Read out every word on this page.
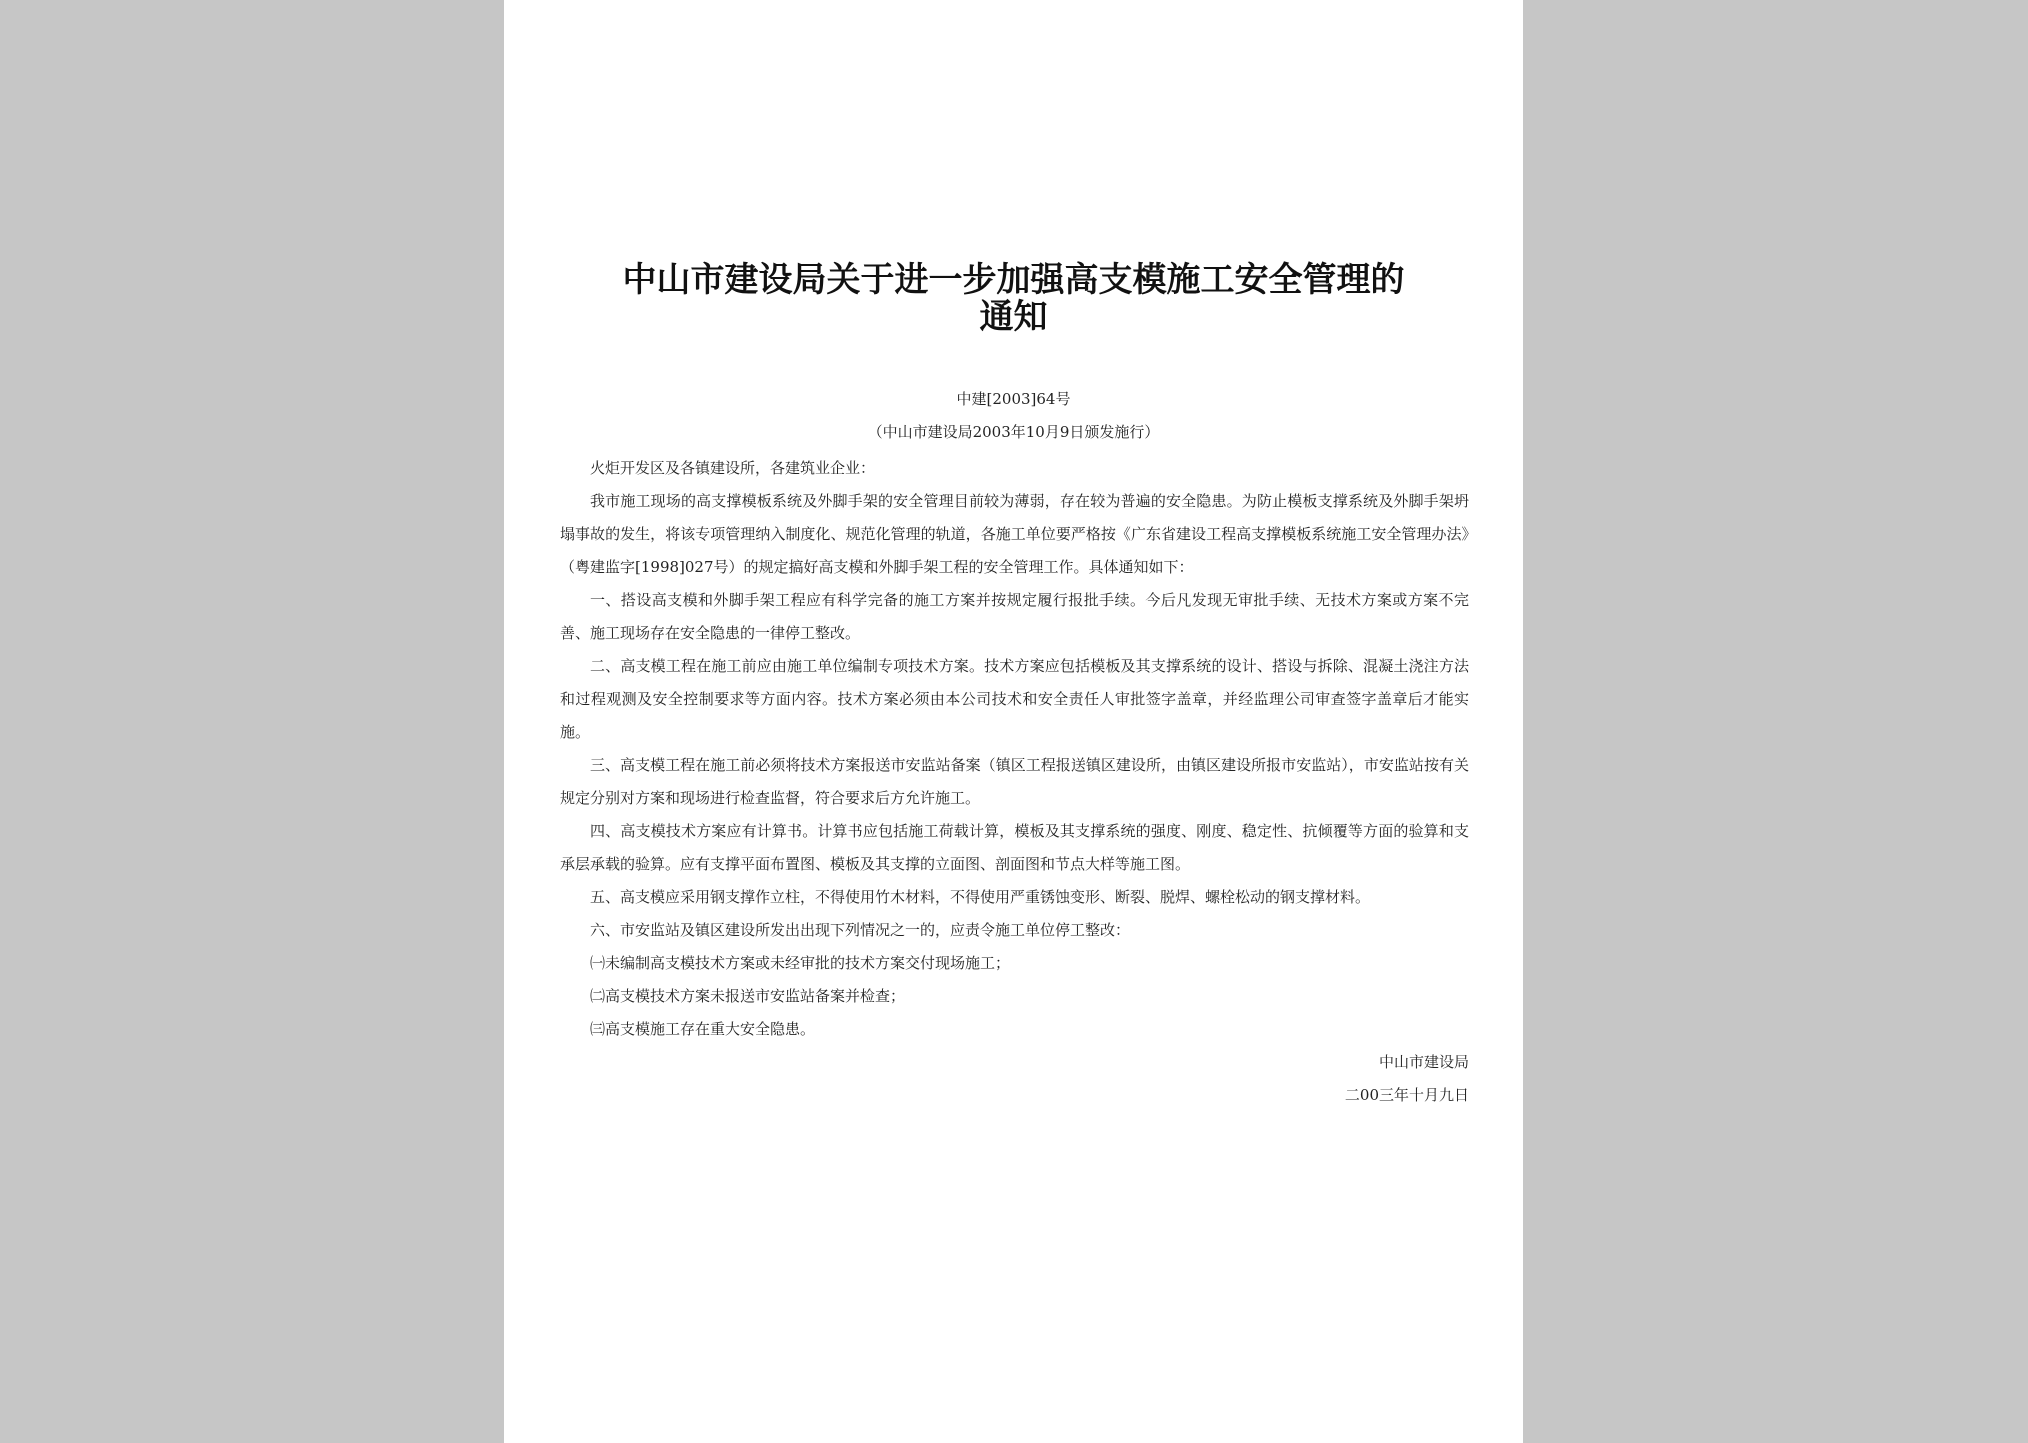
中山市建设局关于进一步加强高支模施工安全管理的
通知
中建[2003]64号
（中山市建设局2003年10月9日颁发施行）

火炬开发区及各镇建设所，各建筑业企业：

我市施工现场的高支撑模板系统及外脚手架的安全管理目前较为薄弱，存在较为普遍的安全隐患。为防止模板支撑系统及外脚手架坍塌事故的发生，将该专项管理纳入制度化、规范化管理的轨道，各施工单位要严格按《广东省建设工程高支撑模板系统施工安全管理办法》（粤建监字[1998]027号）的规定搞好高支模和外脚手架工程的安全管理工作。具体通知如下：

一、搭设高支模和外脚手架工程应有科学完备的施工方案并按规定履行报批手续。今后凡发现无审批手续、无技术方案或方案不完善、施工现场存在安全隐患的一律停工整改。

二、高支模工程在施工前应由施工单位编制专项技术方案。技术方案应包括模板及其支撑系统的设计、搭设与拆除、混凝土浇注方法和过程观测及安全控制要求等方面内容。技术方案必须由本公司技术和安全责任人审批签字盖章，并经监理公司审查签字盖章后才能实施。

三、高支模工程在施工前必须将技术方案报送市安监站备案（镇区工程报送镇区建设所，由镇区建设所报市安监站），市安监站按有关规定分别对方案和现场进行检查监督，符合要求后方允许施工。

四、高支模技术方案应有计算书。计算书应包括施工荷载计算，模板及其支撑系统的强度、刚度、稳定性、抗倾覆等方面的验算和支承层承载的验算。应有支撑平面布置图、模板及其支撑的立面图、剖面图和节点大样等施工图。

五、高支模应采用钢支撑作立柱，不得使用竹木材料，不得使用严重锈蚀变形、断裂、脱焊、螺栓松动的钢支撑材料。

六、市安监站及镇区建设所发出出现下列情况之一的，应责令施工单位停工整改：

㈠未编制高支模技术方案或未经审批的技术方案交付现场施工；

㈡高支模技术方案未报送市安监站备案并检查；

㈢高支模施工存在重大安全隐患。

中山市建设局

二00三年十月九日
